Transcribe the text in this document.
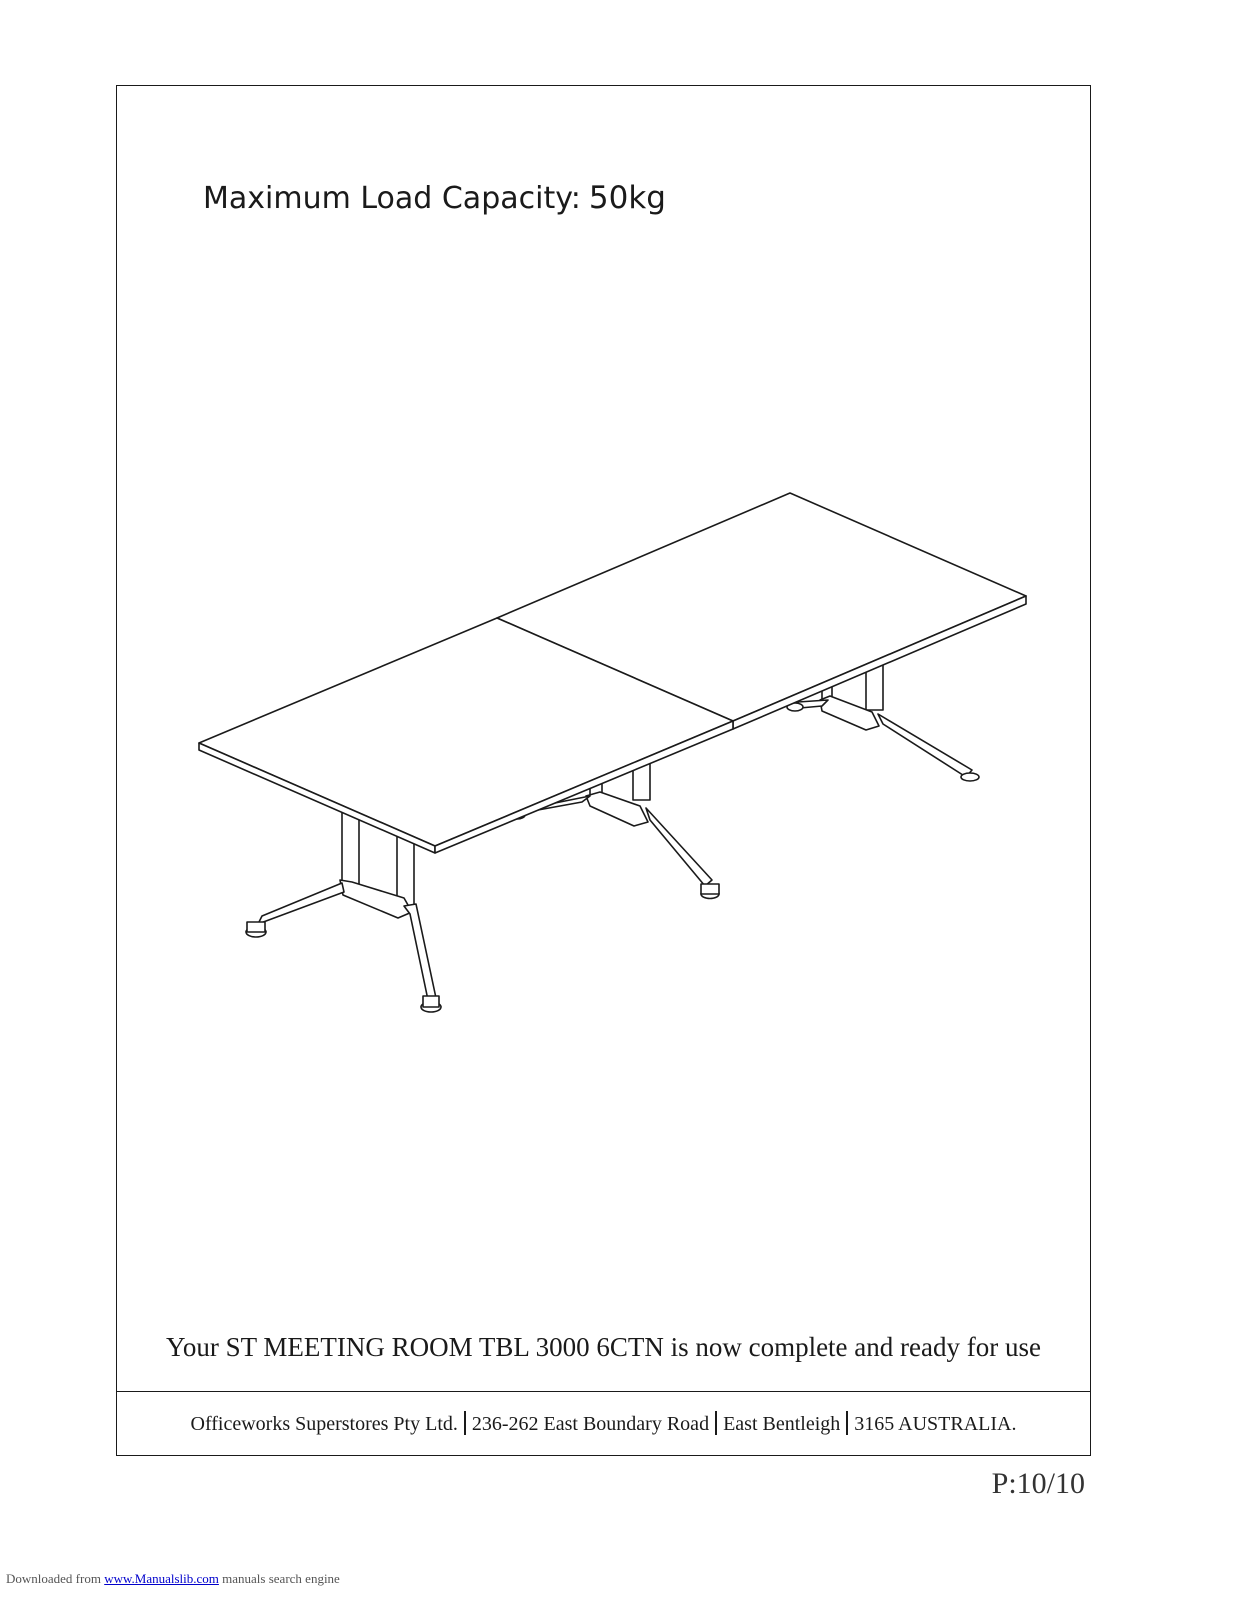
Maximum Load Capacity: 50kg
Your ST MEETING ROOM TBL 3000 6CTN is now complete and ready for use
Officeworks Superstores Pty Ltd. 236-262 East Boundary Road East Bentleigh 3165 AUSTRALIA.
P:10/10
Downloaded from www.Manualslib.com manuals search engine
